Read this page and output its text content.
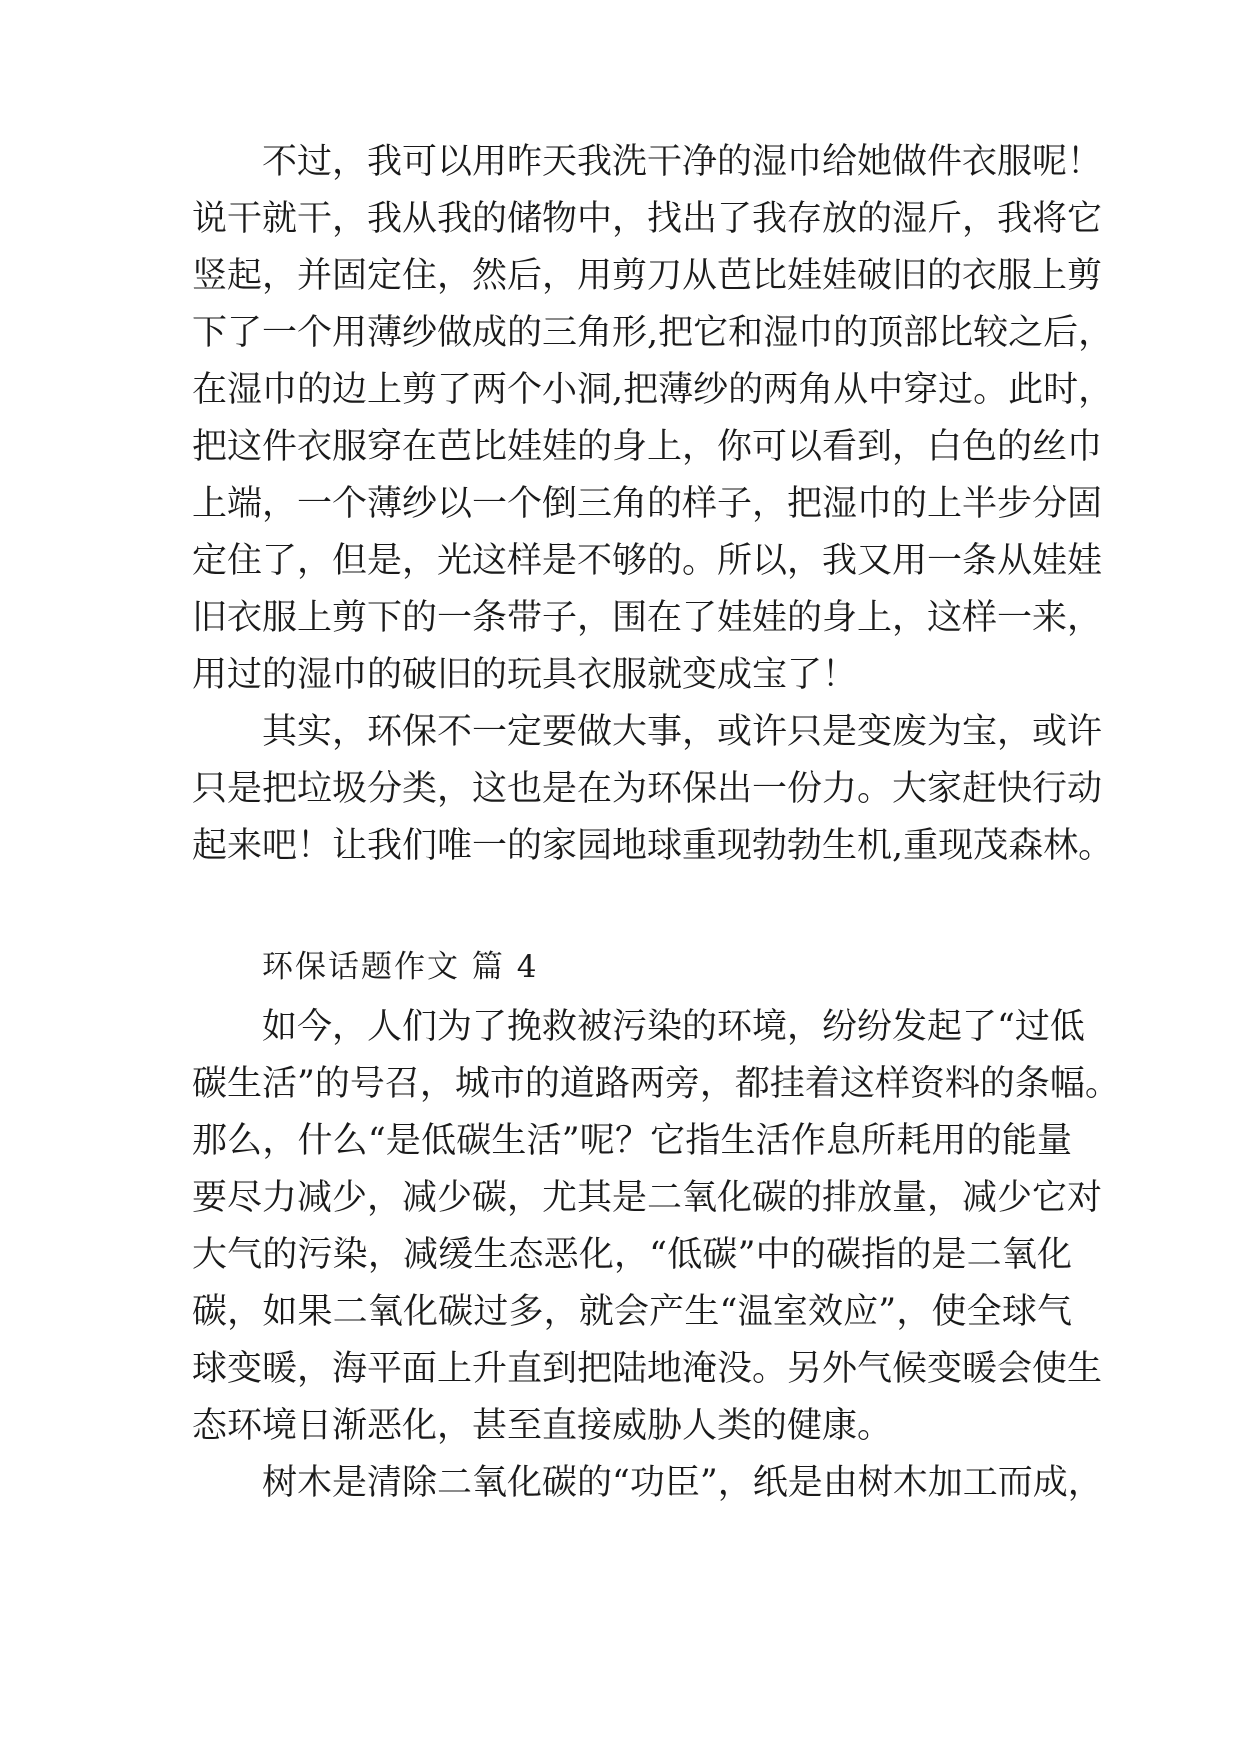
不过，我可以用昨天我洗干净的湿巾给她做件衣服呢！
说干就干，我从我的储物中，找出了我存放的湿斤，我将它
竖起，并固定住，然后，用剪刀从芭比娃娃破旧的衣服上剪
下了一个用薄纱做成的三角形,把它和湿巾的顶部比较之后，
在湿巾的边上剪了两个小洞,把薄纱的两角从中穿过。此时，
把这件衣服穿在芭比娃娃的身上，你可以看到，白色的丝巾
上端，一个薄纱以一个倒三角的样子，把湿巾的上半步分固
定住了，但是，光这样是不够的。所以，我又用一条从娃娃
旧衣服上剪下的一条带子，围在了娃娃的身上，这样一来，
用过的湿巾的破旧的玩具衣服就变成宝了！
其实，环保不一定要做大事，或许只是变废为宝，或许
只是把垃圾分类，这也是在为环保出一份力。大家赶快行动
起来吧！让我们唯一的家园地球重现勃勃生机,重现茂森林。
环保话题作文 篇 4
如今，人们为了挽救被污染的环境，纷纷发起了“过低
碳生活”的号召，城市的道路两旁，都挂着这样资料的条幅。
那么，什么“是低碳生活”呢？它指生活作息所耗用的能量
要尽力减少，减少碳，尤其是二氧化碳的排放量，减少它对
大气的污染，减缓生态恶化，“低碳”中的碳指的是二氧化
碳，如果二氧化碳过多，就会产生“温室效应”，使全球气
球变暖，海平面上升直到把陆地淹没。另外气候变暖会使生
态环境日渐恶化，甚至直接威胁人类的健康。
树木是清除二氧化碳的“功臣”，纸是由树木加工而成，
